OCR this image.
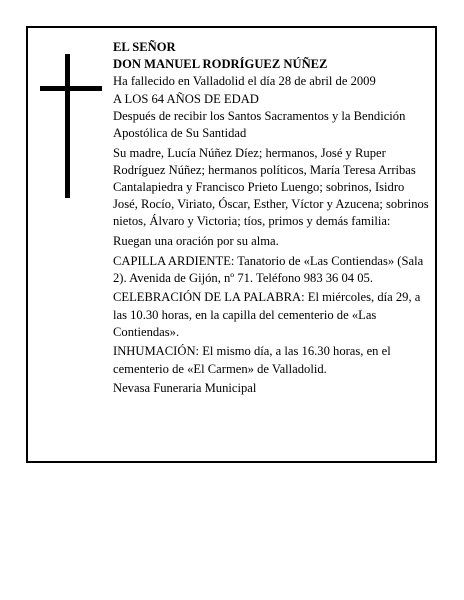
EL SEÑOR

DON MANUEL RODRÍGUEZ NÚÑEZ

Ha fallecido en Valladolid el día 28 de abril de 2009

A LOS 64 AÑOS DE EDAD

Después de recibir los Santos Sacramentos y la Bendición Apostólica de Su Santidad

Su madre, Lucía Núñez Díez; hermanos, José y Ruper Rodríguez Núñez; hermanos políticos, María Teresa Arribas Cantalapiedra y Francisco Prieto Luengo; sobrinos, Isidro José, Rocío, Viriato, Óscar, Esther, Víctor y Azucena; sobrinos nietos, Álvaro y Victoria; tíos, primos y demás familia:

Ruegan una oración por su alma.

CAPILLA ARDIENTE: Tanatorio de «Las Contiendas» (Sala 2). Avenida de Gijón, nº 71. Teléfono 983 36 04 05.

CELEBRACIÓN DE LA PALABRA: El miércoles, día 29, a las 10.30 horas, en la capilla del cementerio de «Las Contiendas».

INHUMACIÓN: El mismo día, a las 16.30 horas, en el cementerio de «El Carmen» de Valladolid.

Nevasa Funeraria Municipal
